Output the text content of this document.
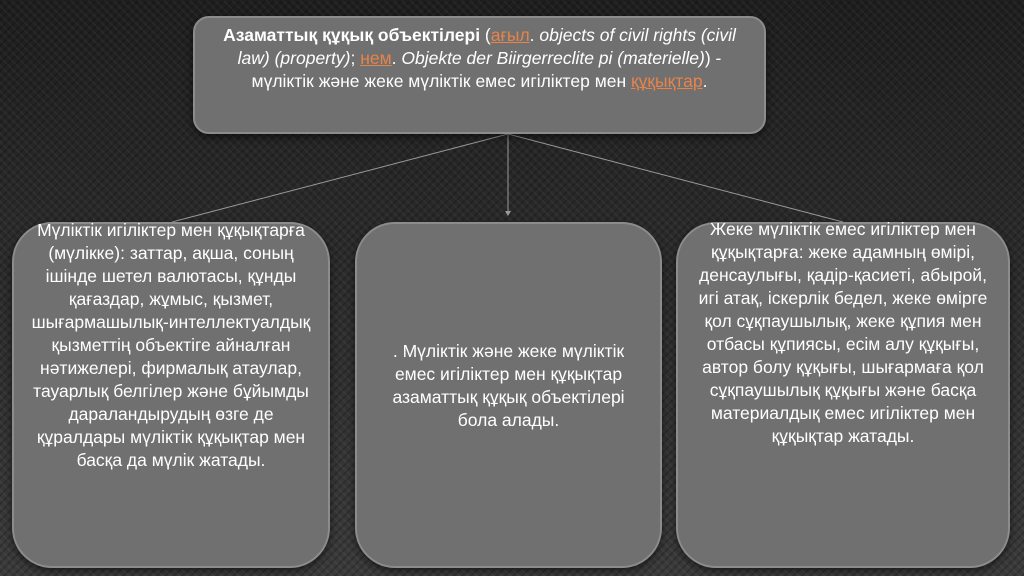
Азаматтық құқық объектілері (ағыл. objects of civil rights (civil law) (property); нем. Objekte der Biirgerreclite pi (materielle)) - мүліктік және жеке мүліктік емес игіліктер мен құқықтар.
Мүліктік игіліктер мен құқықтарға (мүлікке): заттар, ақша, соның ішінде шетел валютасы, құнды қағаздар, жұмыс, қызмет, шығармашылық-интеллектуалдық қызметтің объектіге айналған нәтижелері, фирмалық атаулар, тауарлық белгілер және бұйымды дараландырудың өзге де құралдары мүліктік құқықтар мен басқа да мүлік жатады.
. Мүліктік және жеке мүліктік емес игіліктер мен құқықтар азаматтық құқық объектілері бола алады.
Жеке мүліктік емес игіліктер мен құқықтарға: жеке адамның өмірі, денсаулығы, қадір-қасиеті, абырой, игі атақ, іскерлік бедел, жеке өмірге қол сұқпаушылық, жеке құпия мен отбасы құпиясы, есім алу құқығы, автор болу құқығы, шығармаға қол сұқпаушылық құқығы және басқа материалдық емес игіліктер мен құқықтар жатады.
